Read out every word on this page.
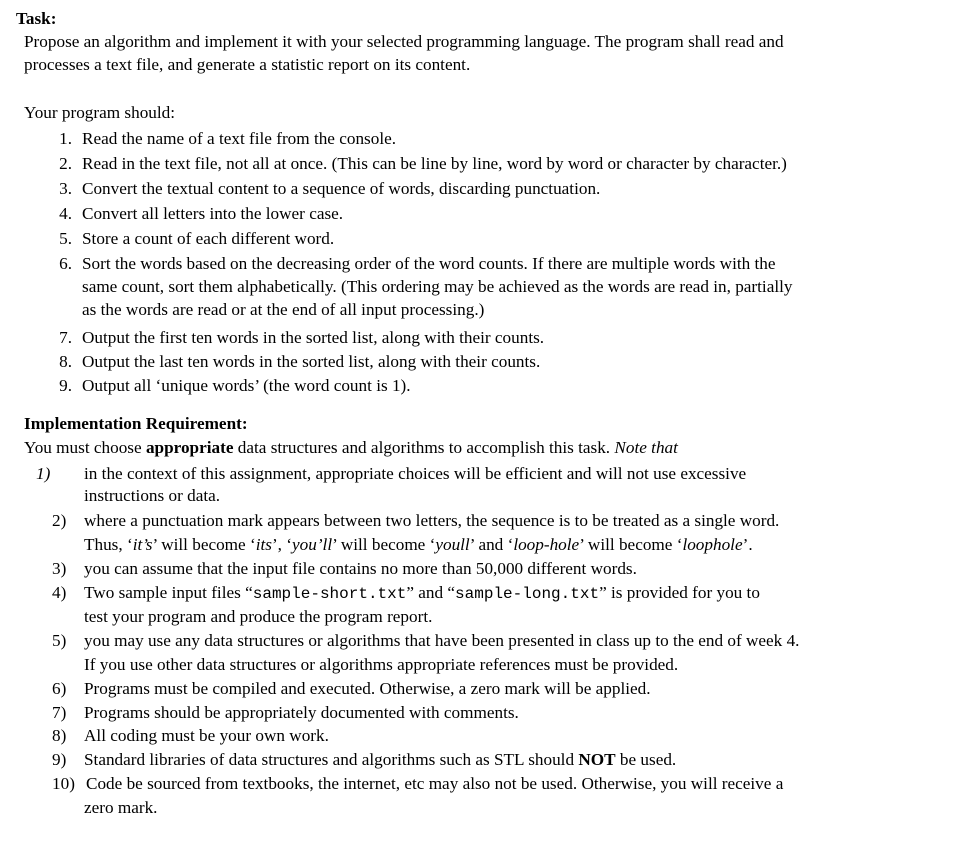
Task:
Propose an algorithm and implement it with your selected programming language. The program shall read and
processes a text file, and generate a statistic report on its content.
Your program should:
1. Read the name of a text file from the console.
2. Read in the text file, not all at once. (This can be line by line, word by word or character by character.)
3. Convert the textual content to a sequence of words, discarding punctuation.
4. Convert all letters into the lower case.
5. Store a count of each different word.
6. Sort the words based on the decreasing order of the word counts. If there are multiple words with the
same count, sort them alphabetically. (This ordering may be achieved as the words are read in, partially
as the words are read or at the end of all input processing.)
7. Output the first ten words in the sorted list, along with their counts.
8. Output the last ten words in the sorted list, along with their counts.
9. Output all ‘unique words’ (the word count is 1).
Implementation Requirement:
You must choose appropriate data structures and algorithms to accomplish this task. Note that
1)	in the context of this assignment, appropriate choices will be efficient and will not use excessive
instructions or data.
2)	where a punctuation mark appears between two letters, the sequence is to be treated as a single word.
Thus, ‘it’s’ will become ‘its’, ‘you’ll’ will become ‘youll’ and ‘loop-hole’ will become ‘loophole’.
3)	you can assume that the input file contains no more than 50,000 different words.
4)	Two sample input files “sample-short.txt” and “sample-long.txt” is provided for you to
test your program and produce the program report.
5)	you may use any data structures or algorithms that have been presented in class up to the end of week 4.
If you use other data structures or algorithms appropriate references must be provided.
6)	Programs must be compiled and executed. Otherwise, a zero mark will be applied.
7)	Programs should be appropriately documented with comments.
8)	All coding must be your own work.
9)	Standard libraries of data structures and algorithms such as STL should NOT be used.
10) Code be sourced from textbooks, the internet, etc may also not be used. Otherwise, you will receive a
zero mark.
